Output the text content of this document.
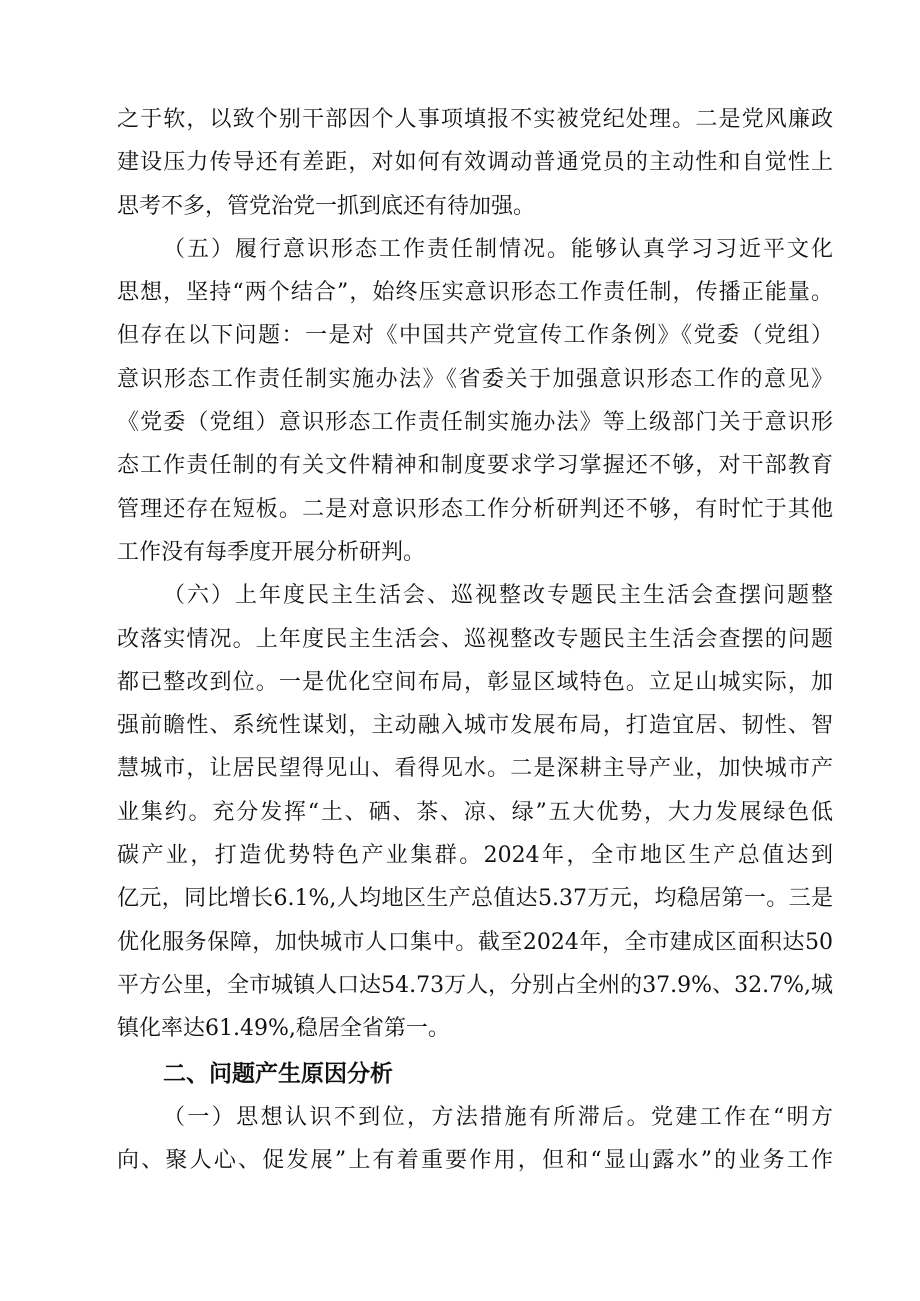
之于软，以致个别干部因个人事项填报不实被党纪处理。二是党风廉政
建设压力传导还有差距，对如何有效调动普通党员的主动性和自觉性上
思考不多，管党治党一抓到底还有待加强。
（五）履行意识形态工作责任制情况。能够认真学习习近平文化
思想，坚持“两个结合”，始终压实意识形态工作责任制，传播正能量。
但存在以下问题：一是对《中国共产党宣传工作条例》《党委（党组）
意识形态工作责任制实施办法》《省委关于加强意识形态工作的意见》
《党委（党组）意识形态工作责任制实施办法》等上级部门关于意识形
态工作责任制的有关文件精神和制度要求学习掌握还不够，对干部教育
管理还存在短板。二是对意识形态工作分析研判还不够，有时忙于其他
工作没有每季度开展分析研判。
（六）上年度民主生活会、巡视整改专题民主生活会查摆问题整
改落实情况。上年度民主生活会、巡视整改专题民主生活会查摆的问题
都已整改到位。一是优化空间布局，彰显区域特色。立足山城实际，加
强前瞻性、系统性谋划，主动融入城市发展布局，打造宜居、韧性、智
慧城市，让居民望得见山、看得见水。二是深耕主导产业，加快城市产
业集约。充分发挥“土、硒、茶、凉、绿”五大优势，大力发展绿色低
碳产业，打造优势特色产业集群。2024年，全市地区生产总值达到
亿元，同比增长6.1%,人均地区生产总值达5.37万元，均稳居第一。三是
优化服务保障，加快城市人口集中。截至2024年，全市建成区面积达50
平方公里，全市城镇人口达54.73万人，分别占全州的37.9%、32.7%,城
镇化率达61.49%,稳居全省第一。
二、问题产生原因分析
（一）思想认识不到位，方法措施有所滞后。党建工作在“明方
向、聚人心、促发展”上有着重要作用，但和“显山露水”的业务工作
